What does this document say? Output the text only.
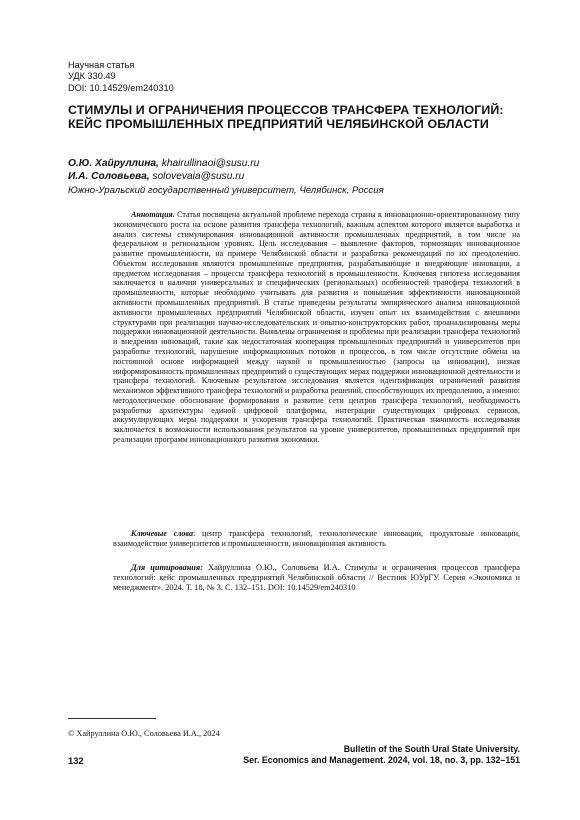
Научная статья
УДК 330.49
DOI: 10.14529/em240310
СТИМУЛЫ И ОГРАНИЧЕНИЯ ПРОЦЕССОВ ТРАНСФЕРА ТЕХНОЛОГИЙ: КЕЙС ПРОМЫШЛЕННЫХ ПРЕДПРИЯТИЙ ЧЕЛЯБИНСКОЙ ОБЛАСТИ
О.Ю. Хайруллина, khairullinaoi@susu.ru
И.А. Соловьева, solovevaia@susu.ru
Южно-Уральский государственный университет, Челябинск, Россия
Аннотация. Статья посвящена актуальной проблеме перехода страны к инновационно-ориентированному типу экономического роста на основе развития трансфера технологий, важным аспектом которого является выработка и анализ системы стимулирования инновационной активности промышленных предприятий, в том числе на федеральном и региональном уровнях. Цель исследования – выявление факторов, тормозящих инновационное развитие промышленности, на примере Челябинской области и разработка рекомендаций по их преодолению. Объектом исследования являются промышленные предприятия, разрабатывающие и внедряющие инновации, а предметом исследования – процессы трансфера технологий в промышленности. Ключевая гипотеза исследования заключается в наличии универсальных и специфических (региональных) особенностей трансфера технологий в промышленности, которые необходимо учитывать для развития и повышения эффективности инновационной активности промышленных предприятий. В статье приведены результаты эмпирического анализа инновационной активности промышленных предприятий Челябинской области, изучен опыт их взаимодействия с внешними структурами при реализации научно-исследовательских и опытно-конструкторских работ, проанализированы меры поддержки инновационной деятельности. Выявлены ограничения и проблемы при реализации трансфера технологий и внедрении инноваций, такие как недостаточная кооперация промышленных предприятий и университетов при разработке технологий, нарушение информационных потоков и процессов, в том числе отсутствие обмена на постоянной основе информацией между наукой и промышленностью (запросы на инновации), низкая информированность промышленных предприятий о существующих мерах поддержки инновационной деятельности и трансфера технологий. Ключевым результатом исследования является идентификация ограничений развития механизмов эффективного трансфера технологий и разработка решений, способствующих их преодолению, а именно: методологическое обоснование формирования и развитие сети центров трансфера технологий, необходимость разработки архитектуры единой цифровой платформы, интеграции существующих цифровых сервисов, аккумулирующих меры поддержки и ускорения трансфера технологий. Практическая значимость исследования заключается в возможности использования результатов на уровне университетов, промышленных предприятий при реализации программ инновационного развития экономики.
Ключевые слова: центр трансфера технологий, технологические инновации, продуктовые инновации, взаимодействие университетов и промышленности, инновационная активность
Для цитирования: Хайруллина О.Ю., Соловьева И.А. Стимулы и ограничения процессов трансфера технологий: кейс промышленных предприятий Челябинской области // Вестник ЮУрГУ. Серия «Экономика и менеджмент». 2024. Т. 18, № 3. С. 132–151. DOI: 10.14529/em240310
© Хайруллина О.Ю., Соловьева И.А., 2024
132
Bulletin of the South Ural State University.
Ser. Economics and Management. 2024, vol. 18, no. 3, pp. 132–151
